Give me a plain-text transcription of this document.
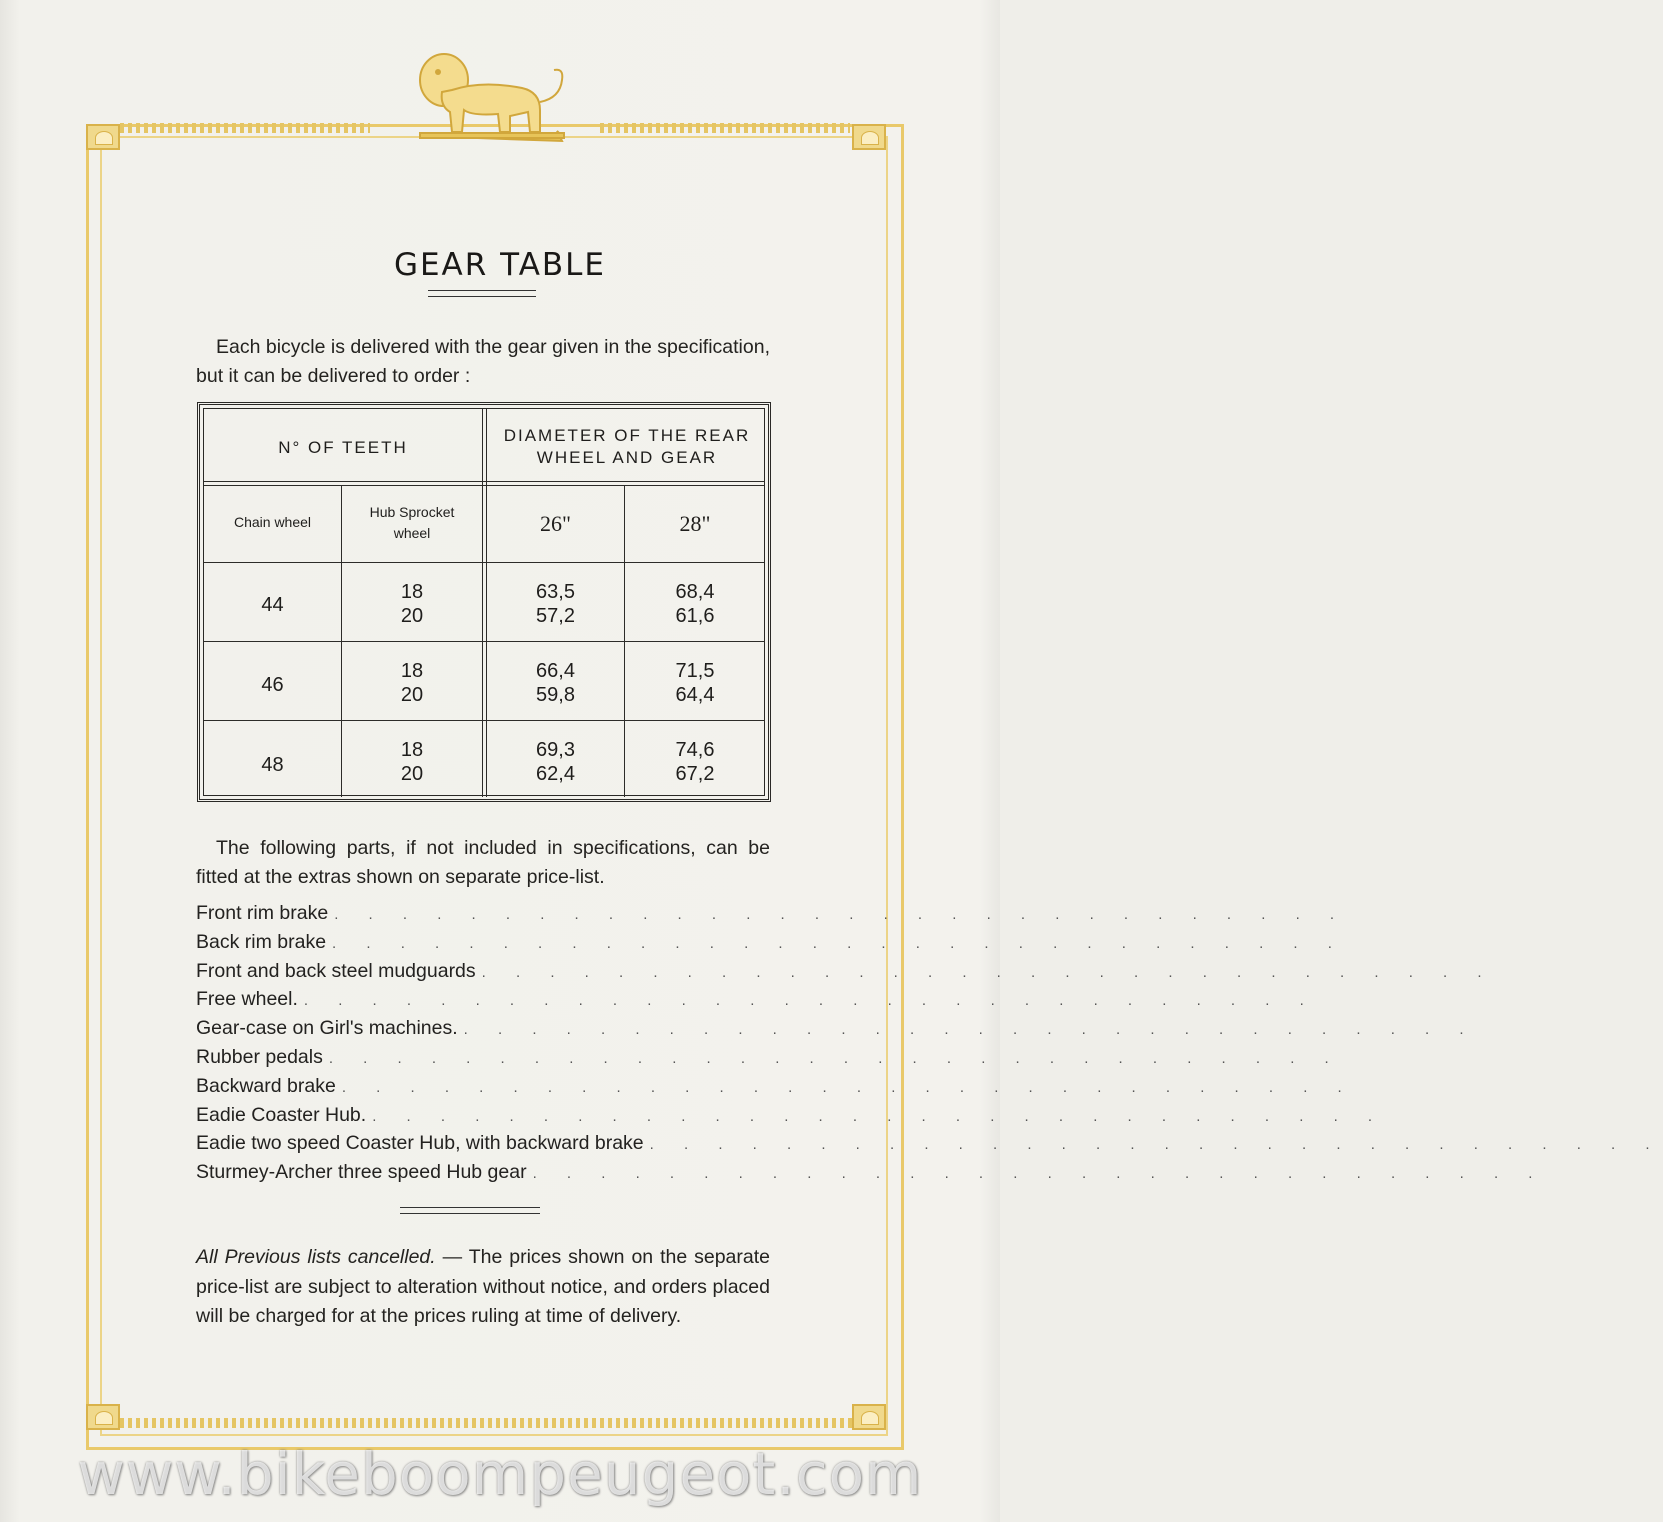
GEAR TABLE

Each bicycle is delivered with the gear given in the specification, but it can be delivered to order :

N° OF TEETH
DIAMETER OF THE REAR
WHEEL AND GEAR
Chain wheel
Hub Sprocket
wheel	26"	28"
44
18
20
63,5
57,2
68,4
61,6
46
18
20
66,4
59,8
71,5
64,4
48
18
20
69,3
62,4
74,6
67,2

The following parts, if not included in specifications, can be fitted at the extras shown on separate price-list.

Front rim brake . . . . . . . . . . . . . . . . . . . . . . . . . . . . . .
Back rim brake . . . . . . . . . . . . . . . . . . . . . . . . . . . . . .
Front and back steel mudguards . . . . . . . . . . . . . . . . . . . . . . . . . . . . . .
Free wheel. . . . . . . . . . . . . . . . . . . . . . . . . . . . . . .
Gear-case on Girl's machines. . . . . . . . . . . . . . . . . . . . . . . . . . . . . . .
Rubber pedals . . . . . . . . . . . . . . . . . . . . . . . . . . . . . .
Backward brake . . . . . . . . . . . . . . . . . . . . . . . . . . . . . .
Eadie Coaster Hub. . . . . . . . . . . . . . . . . . . . . . . . . . . . . . .
Eadie two speed Coaster Hub, with backward brake . . . . . . . . . . . . . . . . . . . . . . . . . . . . . .
Sturmey-Archer three speed Hub gear . . . . . . . . . . . . . . . . . . . . . . . . . . . . . .

All Previous lists cancelled. — The prices shown on the separate price-list are subject to alteration without notice, and orders placed will be charged for at the prices ruling at time of delivery.

www.bikeboompeugeot.com
